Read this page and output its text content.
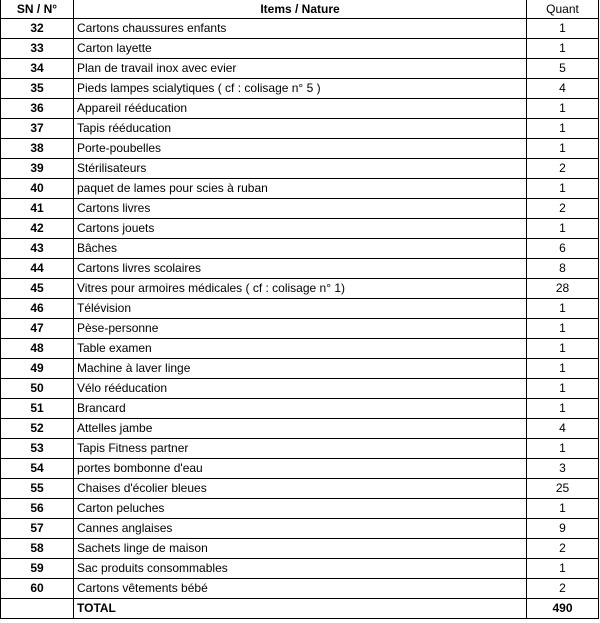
SN / N°	Items / Nature	Quant
32	Cartons chaussures enfants	1
33	Carton layette	1
34	Plan de travail inox avec evier	5
35	Pieds lampes scialytiques ( cf : colisage n° 5 )	4
36	Appareil rééducation	1
37	Tapis rééducation	1
38	Porte-poubelles	1
39	Stérilisateurs	2
40	paquet de lames pour scies à ruban	1
41	Cartons livres	2
42	Cartons jouets	1
43	Bâches	6
44	Cartons livres scolaires	8
45	Vitres pour armoires médicales ( cf : colisage n° 1)	28
46	Télévision	1
47	Pèse-personne	1
48	Table examen	1
49	Machine à laver linge	1
50	Vélo rééducation	1
51	Brancard	1
52	Attelles jambe	4
53	Tapis Fitness partner	1
54	portes bombonne d'eau	3
55	Chaises d'écolier bleues	25
56	Carton peluches	1
57	Cannes anglaises	9
58	Sachets linge de maison	2
59	Sac produits consommables	1
60	Cartons vêtements bébé	2
	TOTAL	490
